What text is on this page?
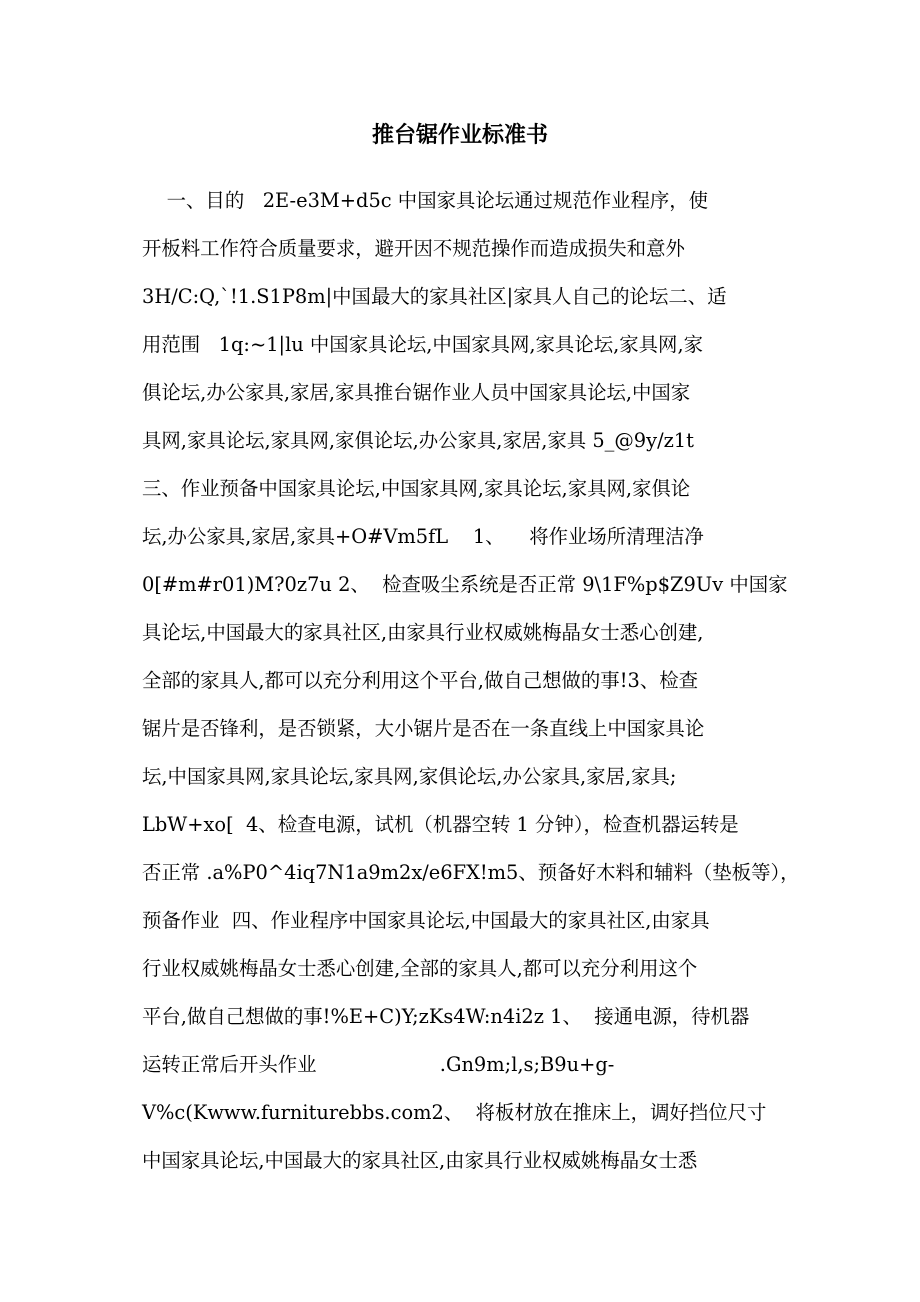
推台锯作业标准书
一、目的   2E-e3M+d5c 中国家具论坛通过规范作业程序，使
开板料工作符合质量要求，避开因不规范操作而造成损失和意外
3H/C:Q,`!1.S1P8m|中国最大的家具社区|家具人自己的论坛二、适
用范围   1q:~1|lu 中国家具论坛,中国家具网,家具论坛,家具网,家
俱论坛,办公家具,家居,家具推台锯作业人员中国家具论坛,中国家
具网,家具论坛,家具网,家俱论坛,办公家具,家居,家具 5_@9y/z1t
三、作业预备中国家具论坛,中国家具网,家具论坛,家具网,家俱论
坛,办公家具,家居,家具+O#Vm5fL    1、    将作业场所清理洁净
0[#m#r01)M?0z7u 2、  检查吸尘系统是否正常 9\1F%p$Z9Uv 中国家
具论坛,中国最大的家具社区,由家具行业权威姚梅晶女士悉心创建,
全部的家具人,都可以充分利用这个平台,做自己想做的事!3、检查
锯片是否锋利，是否锁紧，大小锯片是否在一条直线上中国家具论
坛,中国家具网,家具论坛,家具网,家俱论坛,办公家具,家居,家具;
LbW+xo[  4、检查电源，试机（机器空转 1 分钟），检查机器运转是
否正常 .a%P0^4iq7N1a9m2x/e6FX!m5、预备好木料和辅料（垫板等），
预备作业  四、作业程序中国家具论坛,中国最大的家具社区,由家具
行业权威姚梅晶女士悉心创建,全部的家具人,都可以充分利用这个
平台,做自己想做的事!%E+C)Y;zKs4W:n4i2z 1、  接通电源，待机器
运转正常后开头作业                    .Gn9m;l,s;B9u+g-
V%c(Kwww.furniturebbs.com2、  将板材放在推床上，调好挡位尺寸
中国家具论坛,中国最大的家具社区,由家具行业权威姚梅晶女士悉
